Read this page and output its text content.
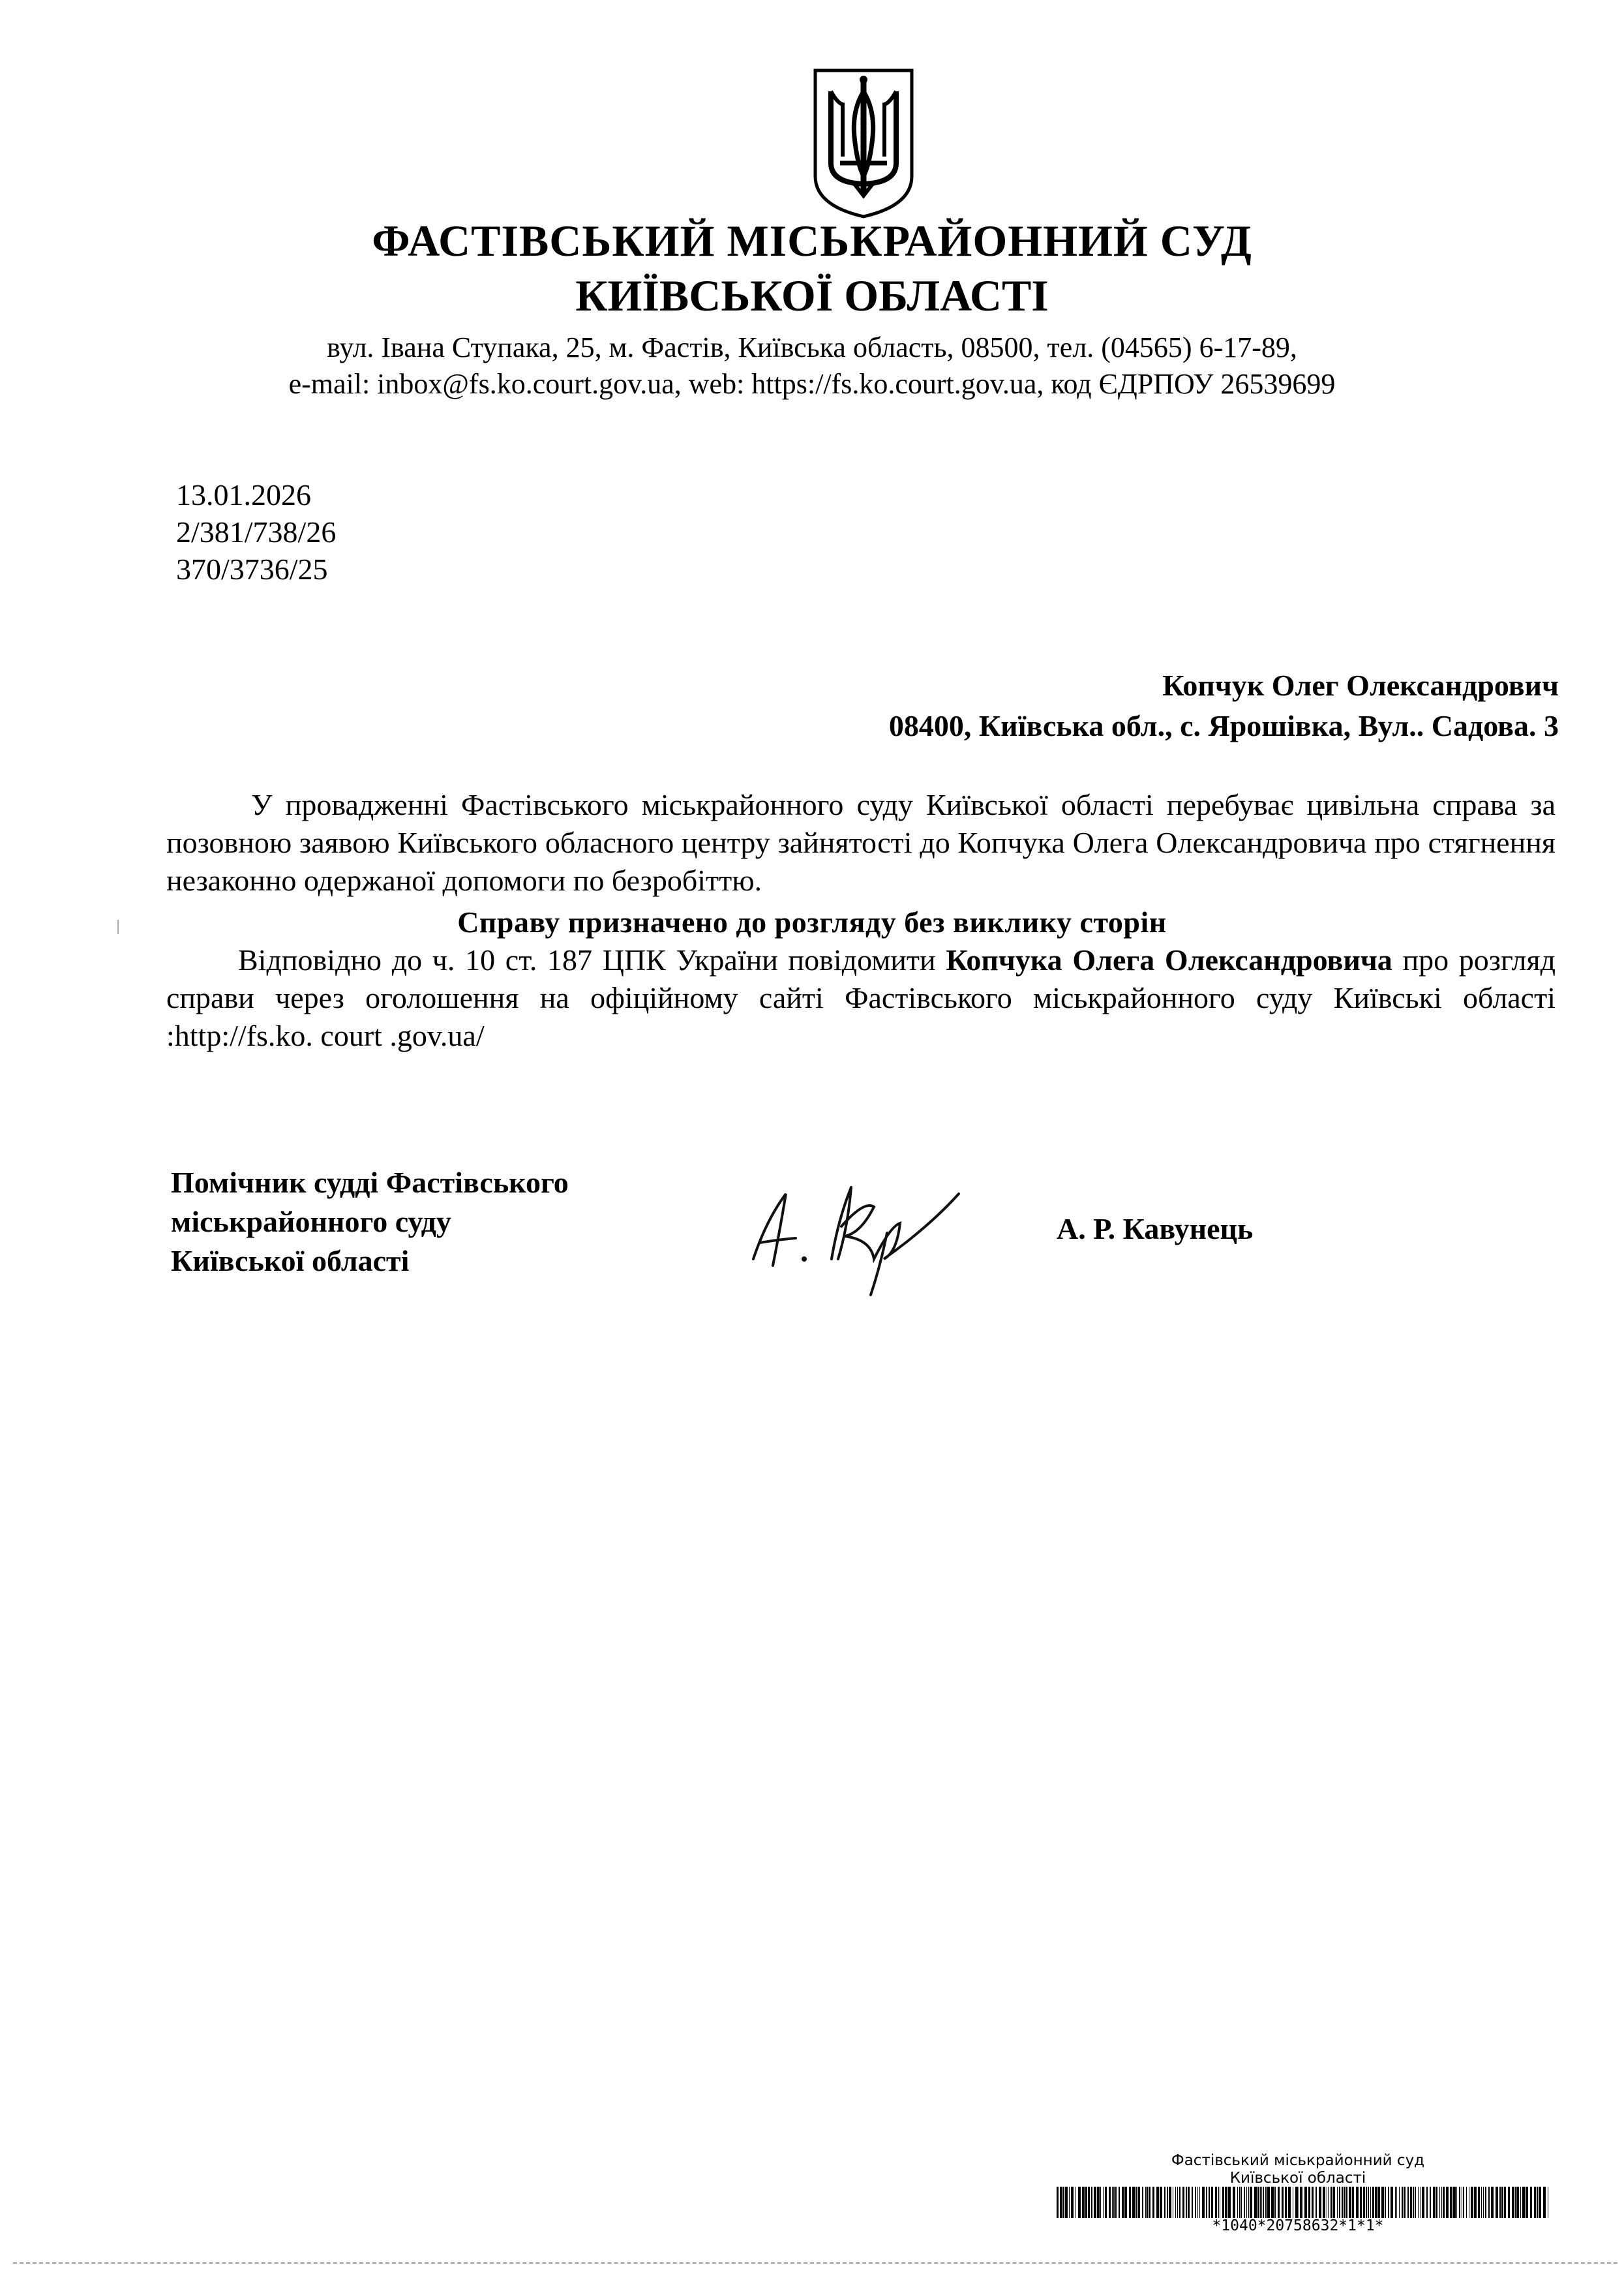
ФАСТІВСЬКИЙ МІСЬКРАЙОННИЙ СУД
КИЇВСЬКОЇ ОБЛАСТІ
вул. Івана Ступака, 25, м. Фастів, Київська область, 08500, тел. (04565) 6-17-89,
e-mail: inbox@fs.ko.court.gov.ua, web: https://fs.ko.court.gov.ua, код ЄДРПОУ 26539699
13.01.2026
2/381/738/26
370/3736/25
Копчук Олег Олександрович
08400, Київська обл., с. Ярошівка, Вул.. Садова. 3
У провадженні Фастівського міськрайонного суду Київської області перебуває цивільна справа за позовною заявою Київського обласного центру зайнятості до Копчука Олега Олександровича про стягнення незаконно одержаної допомоги по безробіттю.
Справу призначено до розгляду без виклику сторін
Відповідно до ч. 10 ст. 187 ЦПК України повідомити Копчука Олега Олександровича про розгляд справи через оголошення на офіційному сайті Фастівського міськрайонного суду Київські області :http://fs.ko. court .gov.ua/
Помічник судді Фастівського
міськрайонного суду
Київської області
А. Р. Кавунець
Фастівський міськрайонний суд
Київської області
*1040*20758632*1*1*
